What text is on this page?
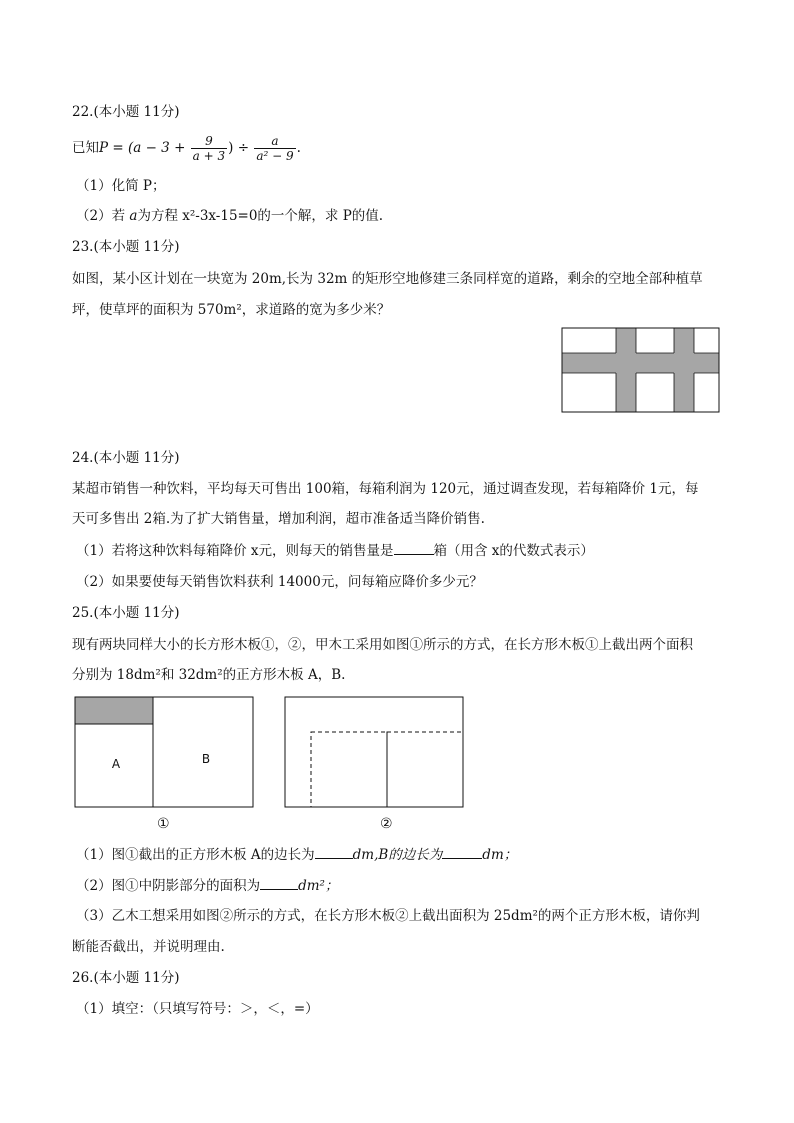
22.(本小题 11分)
已知$P = (a - 3 + \frac{9}{a + 3}$ ) ÷ $\frac{a}{\text{a² − 9}}$ .
（1）化简 P；
（2）若 a为方程 x²-3x-15=0的一个解，求 P的值.
23.(本小题 11分)
如图，某小区计划在一块宽为 20m,长为 32m 的矩形空地修建三条同样宽的道路，剩余的空地全部种植草
坪，使草坪的面积为 570m²，求道路的宽为多少米？
24.(本小题 11分)
某超市销售一种饮料，平均每天可售出 100箱，每箱利润为 120元，通过调查发现，若每箱降价 1元，每
天可多售出 2箱.为了扩大销售量，增加利润，超市准备适当降价销售.
（1）若将这种饮料每箱降价 x元，则每天的销售量是	箱（用含 x的代数式表示）
（2）如果要使每天销售饮料获利 14000元，问每箱应降价多少元？
25.(本小题 11分)
现有两块同样大小的长方形木板①，②，甲木工采用如图①所示的方式，在长方形木板①上截出两个面积
分别为 18dm²和 32dm²的正方形木板 A，B.
A	B
①	②
（1）图①截出的正方形木板 A的边长为	dm,B的边长为	dm；
（2）图①中阴影部分的面积为	dm²；
（3）乙木工想采用如图②所示的方式，在长方形木板②上截出面积为 25dm²的两个正方形木板，请你判
断能否截出，并说明理由.
26.(本小题 11分)
（1）填空：（只填写符号：＞，＜，=）
